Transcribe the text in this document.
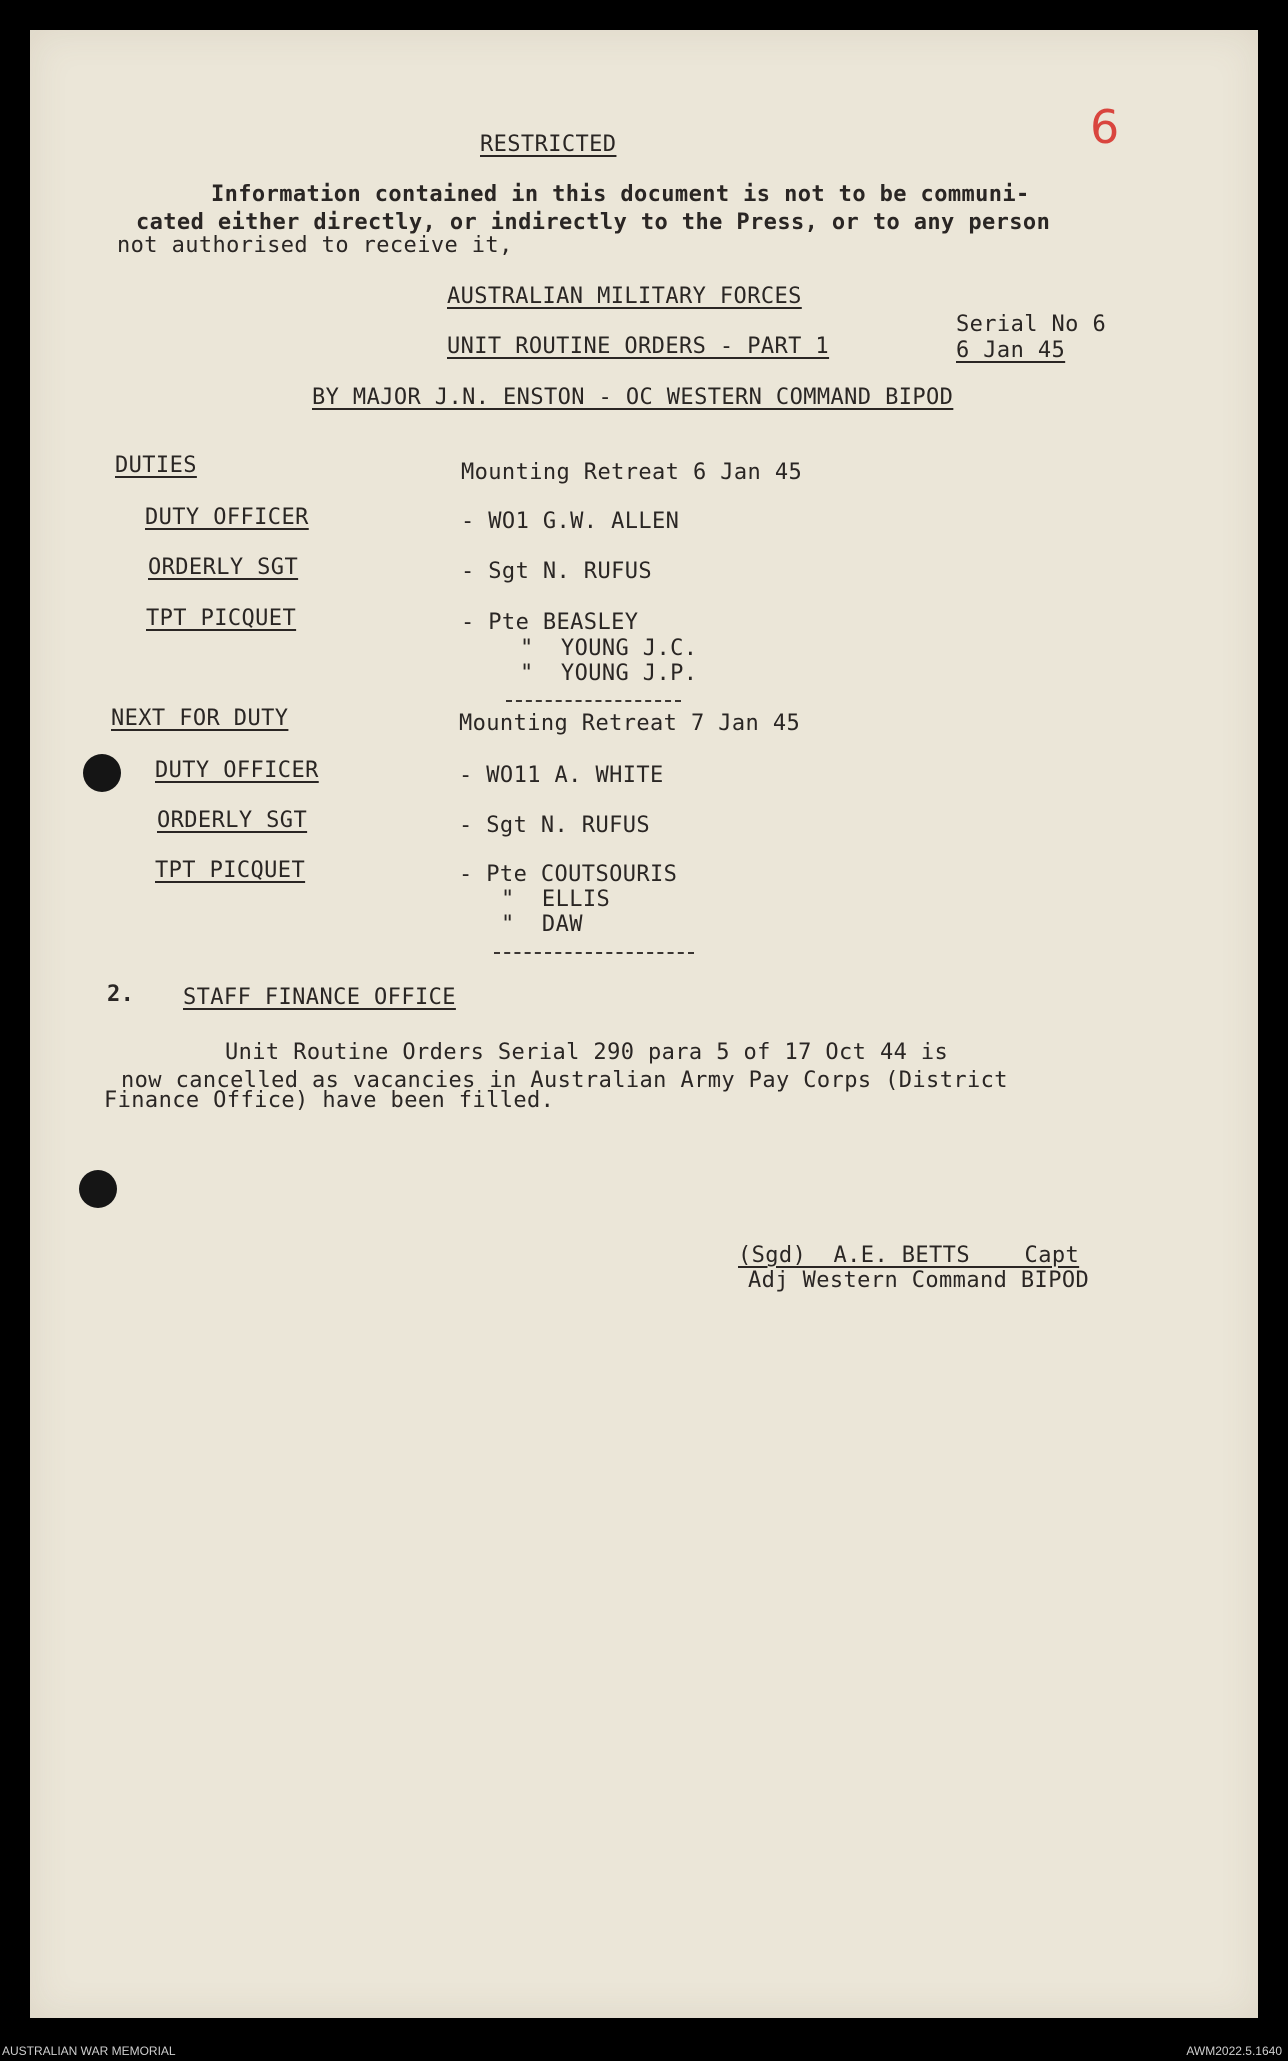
6
RESTRICTED
Information contained in this document is not to be communi-
cated either directly, or indirectly to the Press, or to any person
not authorised to receive it,
AUSTRALIAN MILITARY FORCES
UNIT ROUTINE ORDERS - PART 1
Serial No 6
6 Jan 45
BY MAJOR J.N. ENSTON - OC WESTERN COMMAND BIPOD
DUTIES	Mounting Retreat 6 Jan 45
DUTY OFFICER	- WO1 G.W. ALLEN
ORDERLY SGT	- Sgt N. RUFUS
TPT PICQUET	- Pte BEASLEY
"  YOUNG J.C.
"  YOUNG J.P.
NEXT FOR DUTY	Mounting Retreat 7 Jan 45
DUTY OFFICER	- WO11 A. WHITE
ORDERLY SGT	- Sgt N. RUFUS
TPT PICQUET	- Pte COUTSOURIS
"  ELLIS
"  DAW
2. STAFF FINANCE OFFICE
Unit Routine Orders Serial 290 para 5 of 17 Oct 44 is
now cancelled as vacancies in Australian Army Pay Corps (District
Finance Office) have been filled.
(Sgd)  A.E. BETTS    Capt
Adj Western Command BIPOD
AUSTRALIAN WAR MEMORIAL	AWM2022.5.1640
